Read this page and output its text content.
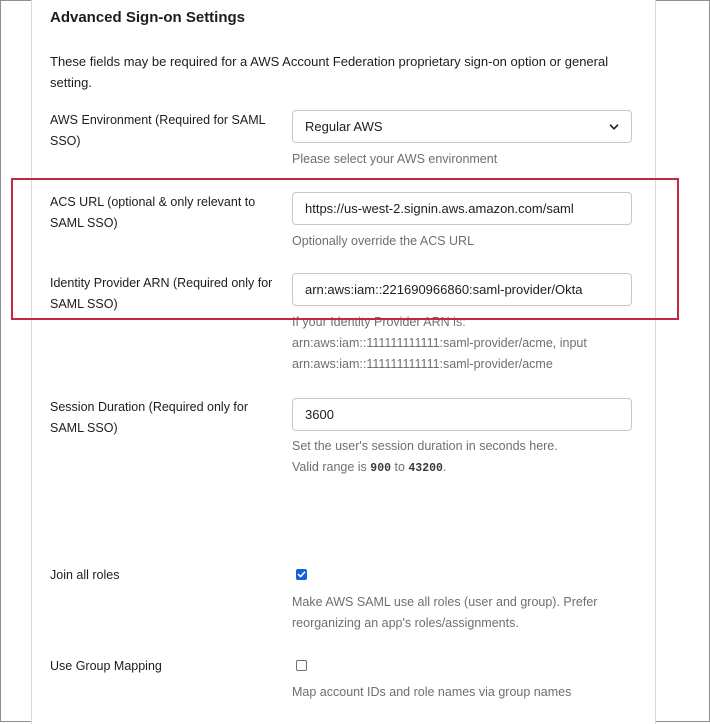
Advanced Sign-on Settings
These fields may be required for a AWS Account Federation proprietary sign-on option or general setting.
AWS Environment (Required for SAML SSO)
Regular AWS
Please select your AWS environment
ACS URL (optional & only relevant to SAML SSO)
https://us-west-2.signin.aws.amazon.com/saml
Optionally override the ACS URL
Identity Provider ARN (Required only for SAML SSO)
arn:aws:iam::221690966860:saml-provider/Okta
If your Identity Provider ARN is:
arn:aws:iam::111111111111:saml-provider/acme, input
arn:aws:iam::111111111111:saml-provider/acme
Session Duration (Required only for SAML SSO)
3600
Set the user's session duration in seconds here.
Valid range is 900 to 43200.
Join all roles
Make AWS SAML use all roles (user and group). Prefer reorganizing an app's roles/assignments.
Use Group Mapping
Map account IDs and role names via group names
